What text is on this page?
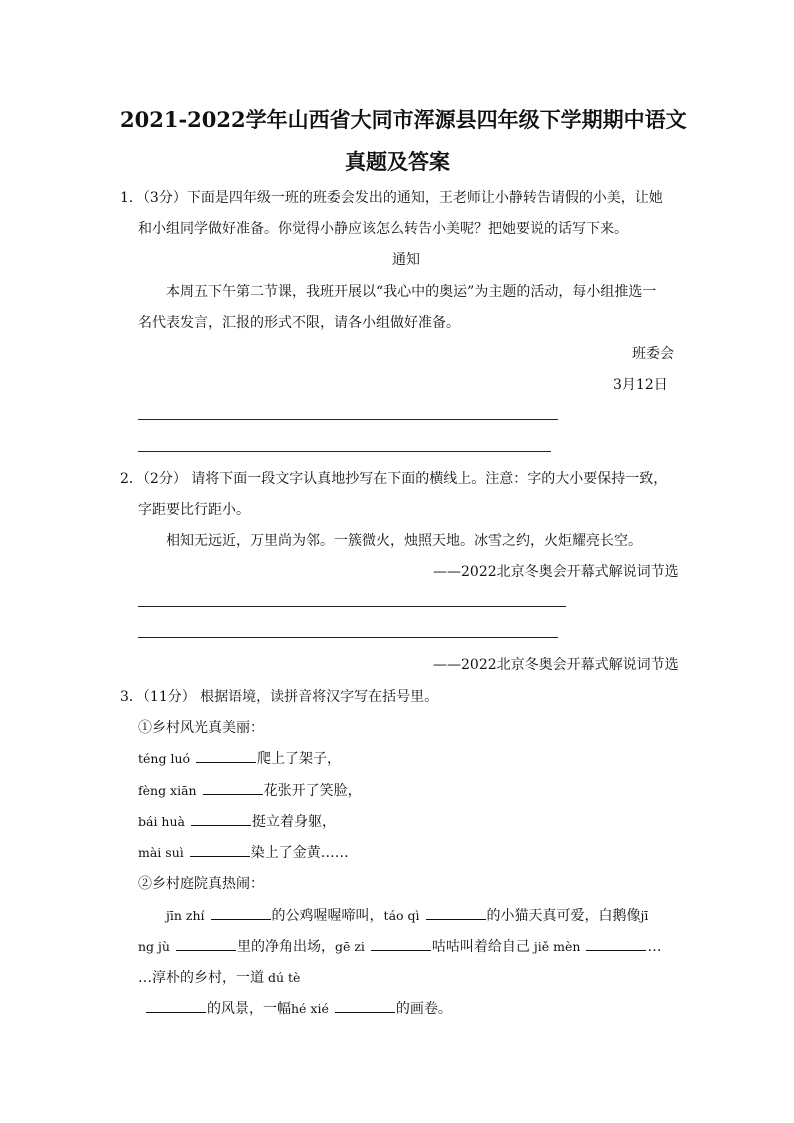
2021-2022学年山西省大同市浑源县四年级下学期期中语文
真题及答案
1．（3分）下面是四年级一班的班委会发出的通知，王老师让小静转告请假的小美，让她
和小组同学做好准备。你觉得小静应该怎么转告小美呢？把她要说的话写下来。
通知
本周五下午第二节课，我班开展以“我心中的奥运”为主题的活动，每小组推选一
名代表发言，汇报的形式不限，请各小组做好准备。
班委会
3月12日
2．（2分） 请将下面一段文字认真地抄写在下面的横线上。注意：字的大小要保持一致，
字距要比行距小。
相知无远近，万里尚为邻。一簇微火，烛照天地。冰雪之约，火炬耀亮长空。
——2022北京冬奥会开幕式解说词节选
——2022北京冬奥会开幕式解说词节选
3．（11分） 根据语境，读拼音将汉字写在括号里。
①乡村风光真美丽：
téng luó	爬上了架子，
fèng xiān	花张开了笑脸，
bái huà	挺立着身躯，
mài suì	染上了金黄……
②乡村庭院真热闹：
jīn zhí	的公鸡喔喔啼叫，táo qì	的小猫天真可爱，白鹅像jī
ng jù	里的净角出场，gē zi	咕咕叫着给自己 jiě mèn	…
…淳朴的乡村，一道 dú tè
的风景，一幅hé xié	的画卷。
